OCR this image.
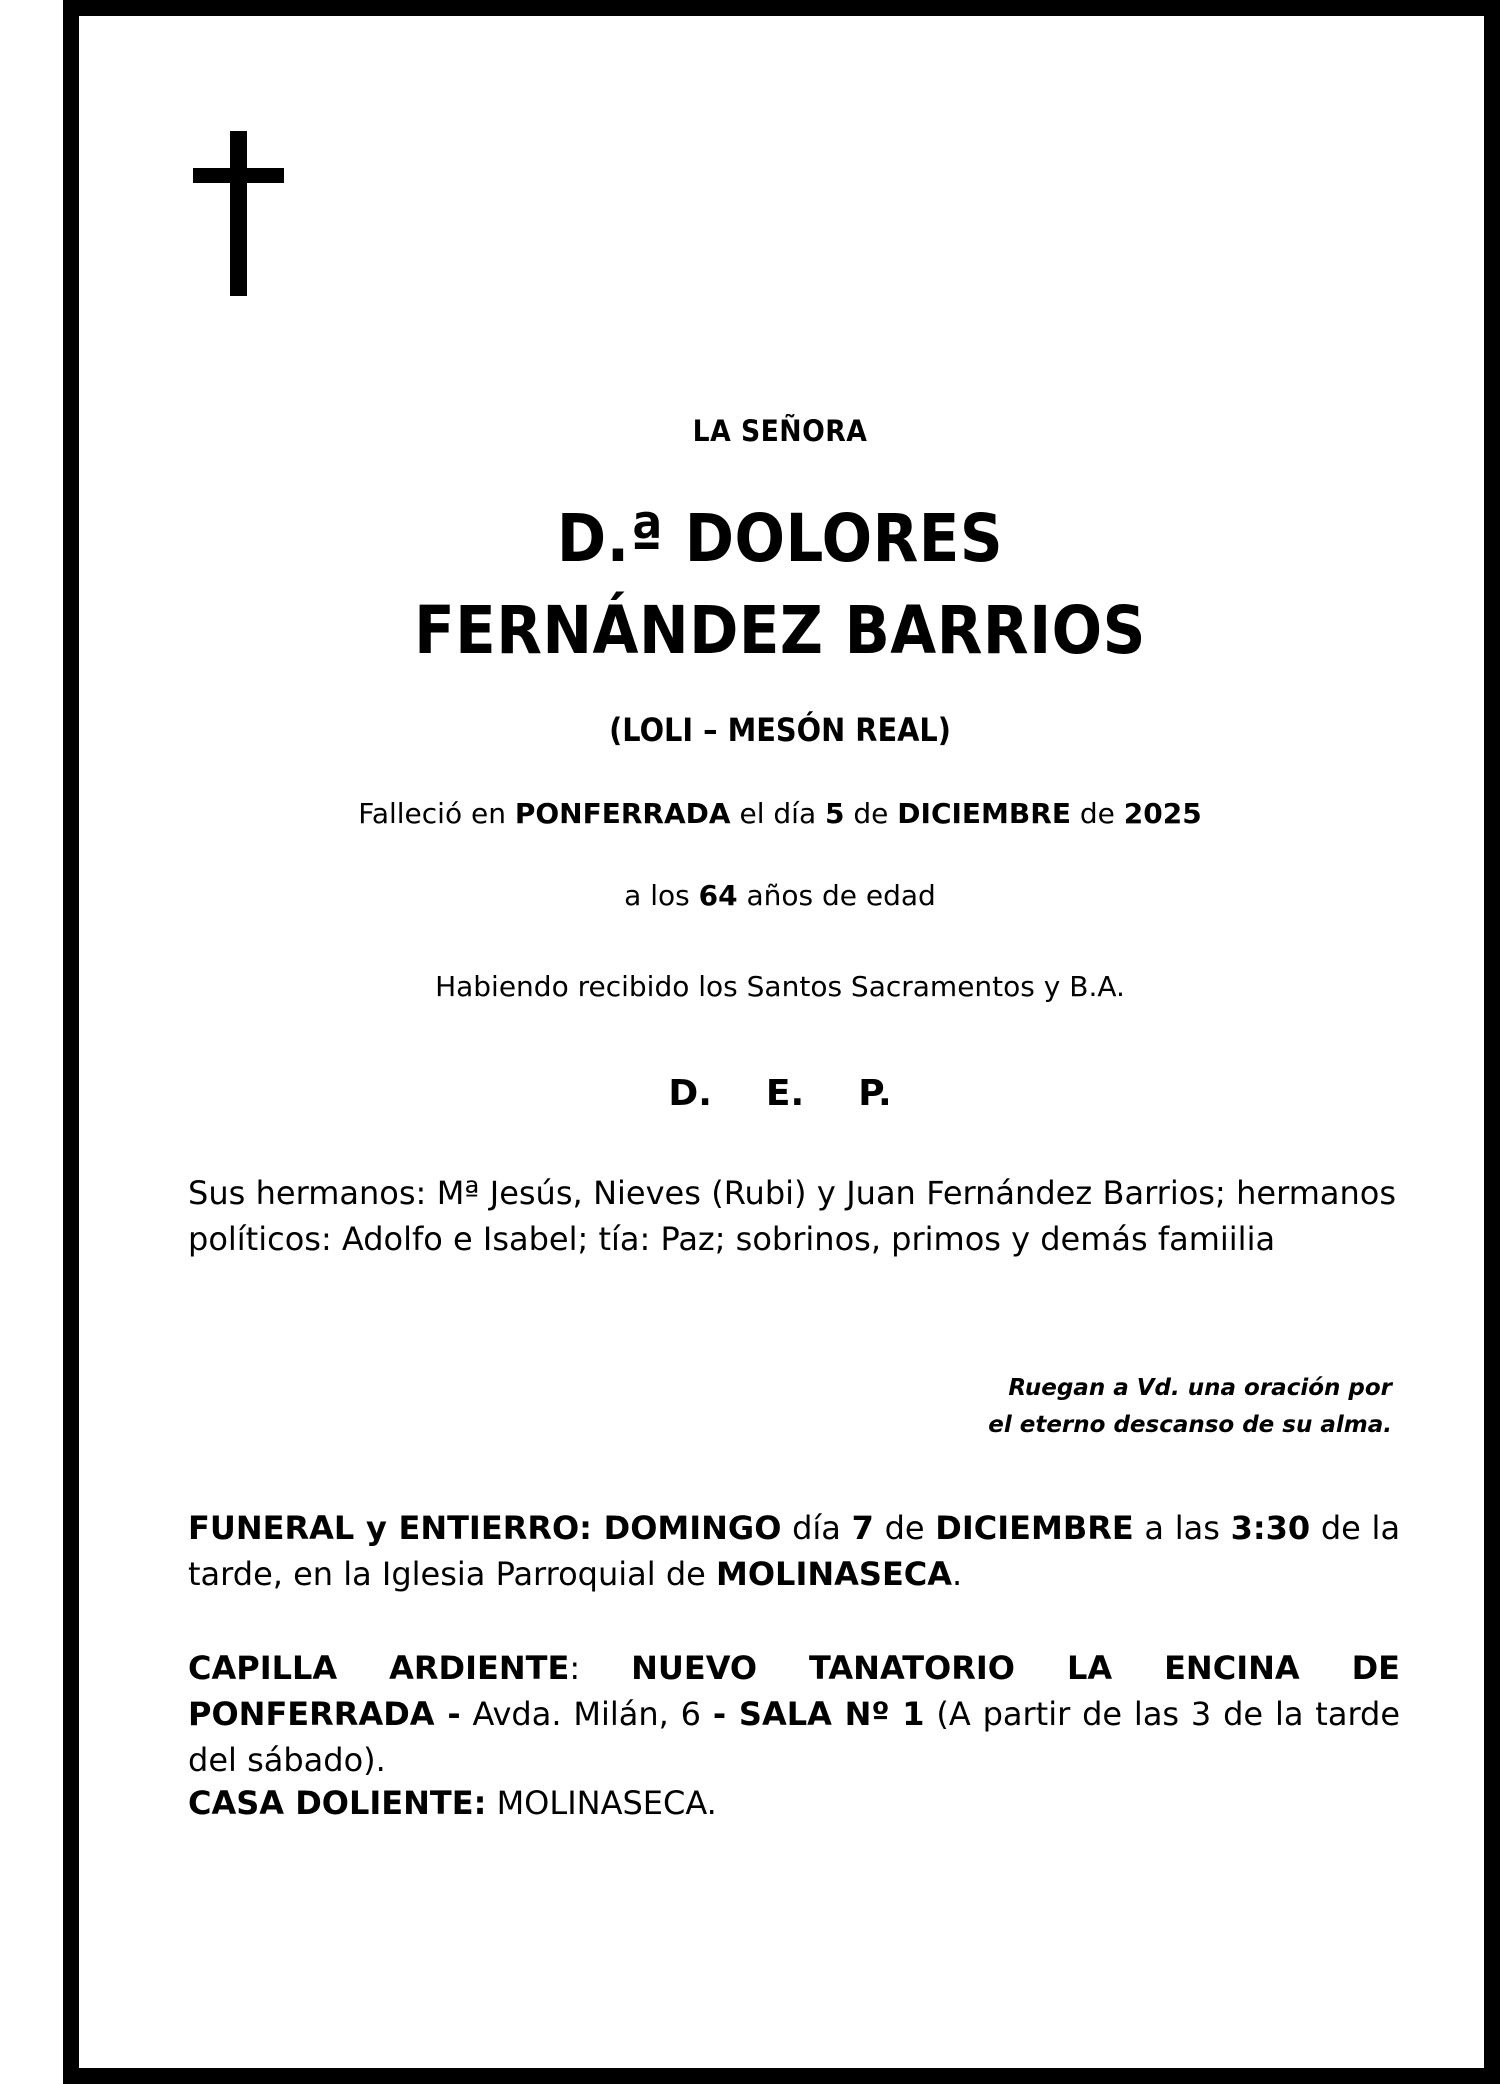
LA SEÑORA
D.ª DOLORES
FERNÁNDEZ BARRIOS
(LOLI – MESÓN REAL)
Falleció en PONFERRADA el día 5 de DICIEMBRE de 2025
a los 64 años de edad
Habiendo recibido los Santos Sacramentos y B.A.
D. E. P.
Sus hermanos: Mª Jesús, Nieves (Rubi) y Juan Fernández Barrios; hermanos políticos: Adolfo e Isabel; tía: Paz; sobrinos, primos y demás famiilia
Ruegan a Vd. una oración por
el eterno descanso de su alma.
FUNERAL y ENTIERRO: DOMINGO día 7 de DICIEMBRE a las 3:30 de la tarde, en la Iglesia Parroquial de MOLINASECA.
CAPILLA ARDIENTE: NUEVO TANATORIO LA ENCINA DE PONFERRADA - Avda. Milán, 6 - SALA Nº 1 (A partir de las 3 de la tarde del sábado).
CASA DOLIENTE: MOLINASECA.
